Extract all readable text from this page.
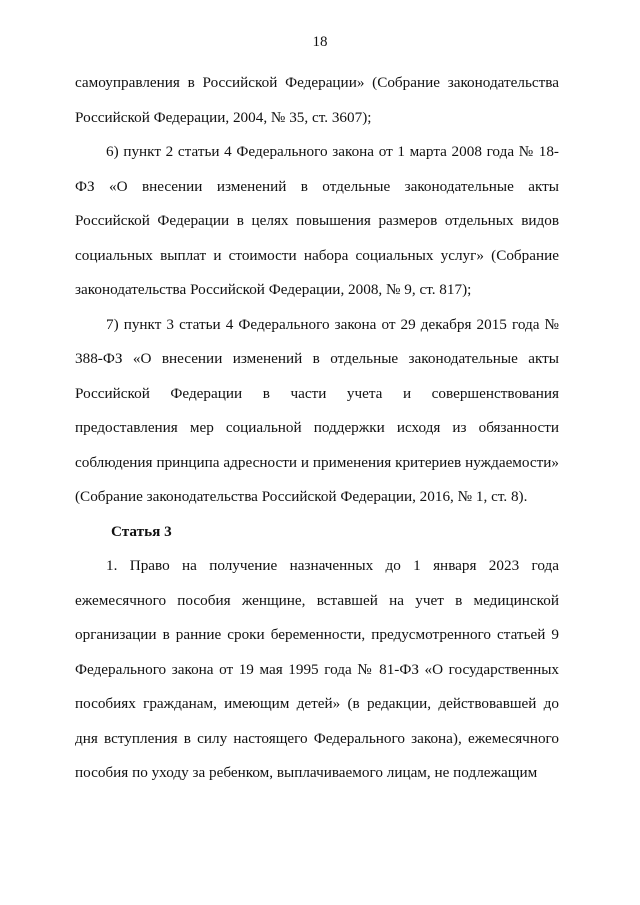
18

самоуправления в Российской Федерации» (Собрание законодательства Российской Федерации, 2004, № 35, ст. 3607);

6) пункт 2 статьи 4 Федерального закона от 1 марта 2008 года № 18-ФЗ «О внесении изменений в отдельные законодательные акты Российской Федерации в целях повышения размеров отдельных видов социальных выплат и стоимости набора социальных услуг» (Собрание законодательства Российской Федерации, 2008, № 9, ст. 817);

7) пункт 3 статьи 4 Федерального закона от 29 декабря 2015 года № 388-ФЗ «О внесении изменений в отдельные законодательные акты Российской Федерации в части учета и совершенствования предоставления мер социальной поддержки исходя из обязанности соблюдения принципа адресности и применения критериев нуждаемости» (Собрание законодательства Российской Федерации, 2016, № 1, ст. 8).

Статья 3

1. Право на получение назначенных до 1 января 2023 года ежемесячного пособия женщине, вставшей на учет в медицинской организации в ранние сроки беременности, предусмотренного статьей 9 Федерального закона от 19 мая 1995 года № 81-ФЗ «О государственных пособиях гражданам, имеющим детей» (в редакции, действовавшей до дня вступления в силу настоящего Федерального закона), ежемесячного пособия по уходу за ребенком, выплачиваемого лицам, не подлежащим
